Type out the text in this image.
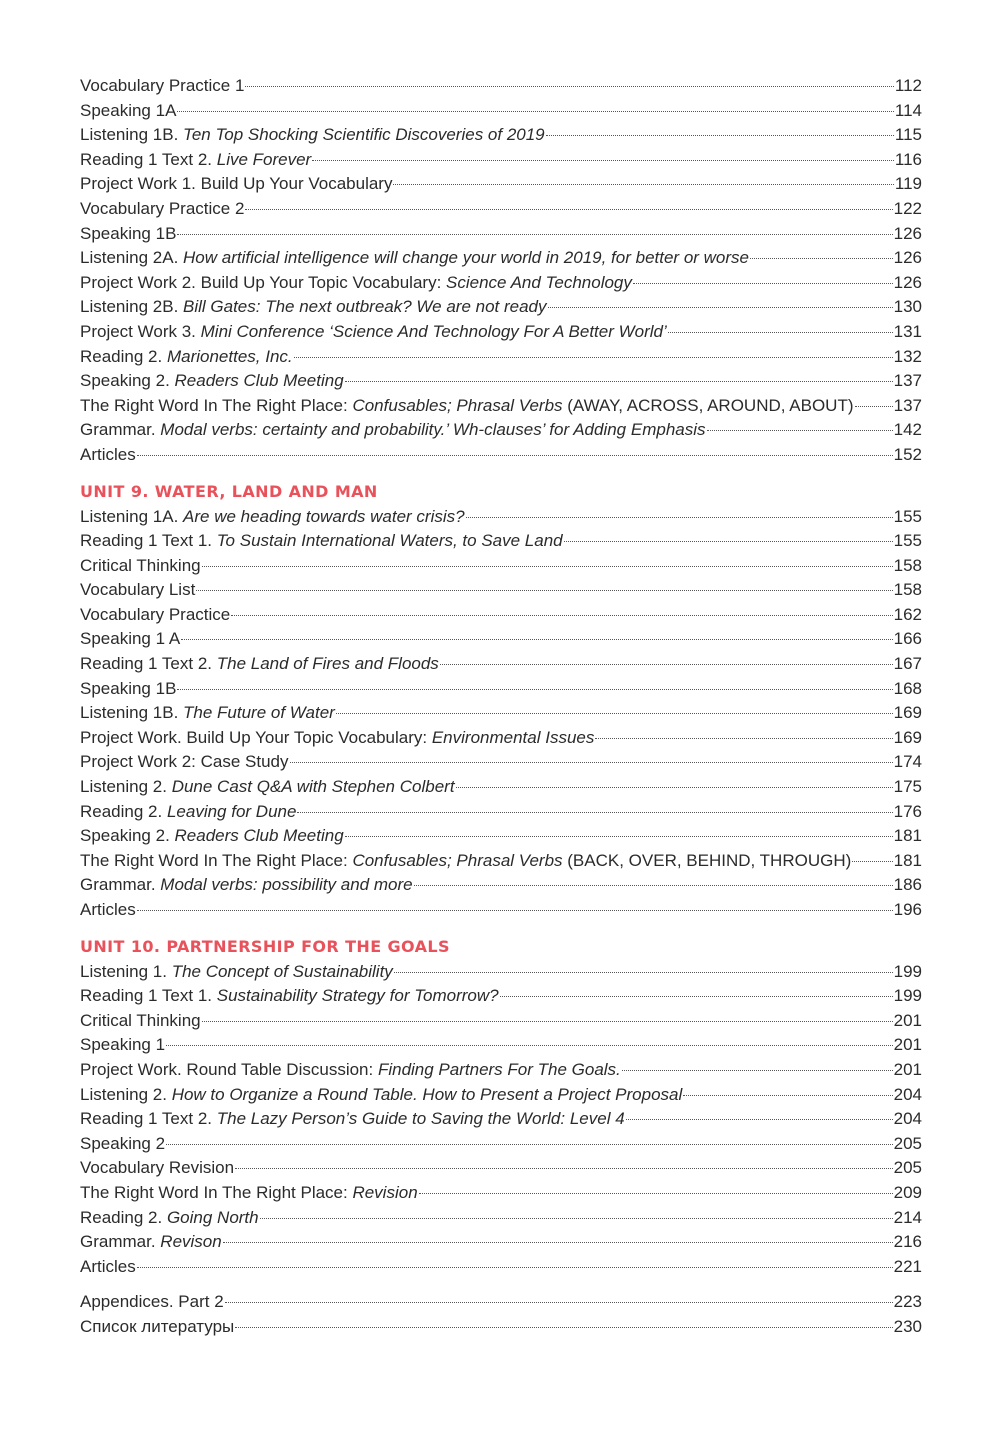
Vocabulary Practice 1	112
Speaking 1A	114
Listening 1B. Ten Top Shocking Scientific Discoveries of 2019	115
Reading 1 Text 2. Live Forever	116
Project Work 1. Build Up Your Vocabulary	119
Vocabulary Practice 2	122
Speaking 1B	126
Listening 2A. How artificial intelligence will change your world in 2019, for better or worse	126
Project Work 2. Build Up Your Topic Vocabulary: Science And Technology	126
Listening 2B. Bill Gates: The next outbreak? We are not ready	130
Project Work 3. Mini Conference ‘Science And Technology For A Better World’	131
Reading 2. Marionettes, Inc.	132
Speaking 2. Readers Club Meeting	137
The Right Word In The Right Place: Confusables; Phrasal Verbs (AWAY, ACROSS, AROUND, ABOUT) 137
Grammar. Modal verbs: certainty and probability.’ Wh-clauses’ for Adding Emphasis	142
Articles	152
UNIT 9. WATER, LAND AND MAN
Listening 1A. Are we heading towards water crisis?	155
Reading 1 Text 1. To Sustain International Waters, to Save Land	155
Critical Thinking	158
Vocabulary List	158
Vocabulary Practice	162
Speaking 1 A	166
Reading 1 Text 2. The Land of Fires and Floods	167
Speaking 1B	168
Listening 1B. The Future of Water	169
Project Work. Build Up Your Topic Vocabulary: Environmental Issues	169
Project Work 2: Case Study	174
Listening 2. Dune Cast Q&A with Stephen Colbert	175
Reading 2. Leaving for Dune	176
Speaking 2. Readers Club Meeting	181
The Right Word In The Right Place: Confusables; Phrasal Verbs (BACK, OVER, BEHIND, THROUGH) 181
Grammar. Modal verbs: possibility and more	186
Articles	196
UNIT 10. PARTNERSHIP FOR THE GOALS
Listening 1. The Concept of Sustainability	199
Reading 1 Text 1. Sustainability Strategy for Tomorrow?	199
Critical Thinking	201
Speaking 1	201
Project Work. Round Table Discussion: Finding Partners For The Goals.	201
Listening 2. How to Organize a Round Table. How to Present a Project Proposal	204
Reading 1 Text 2. The Lazy Person’s Guide to Saving the World: Level 4	204
Speaking 2	205
Vocabulary Revision	205
The Right Word In The Right Place: Revision	209
Reading 2. Going North	214
Grammar. Revison	216
Articles	221
Appendices. Part 2	223
Список литературы	230
